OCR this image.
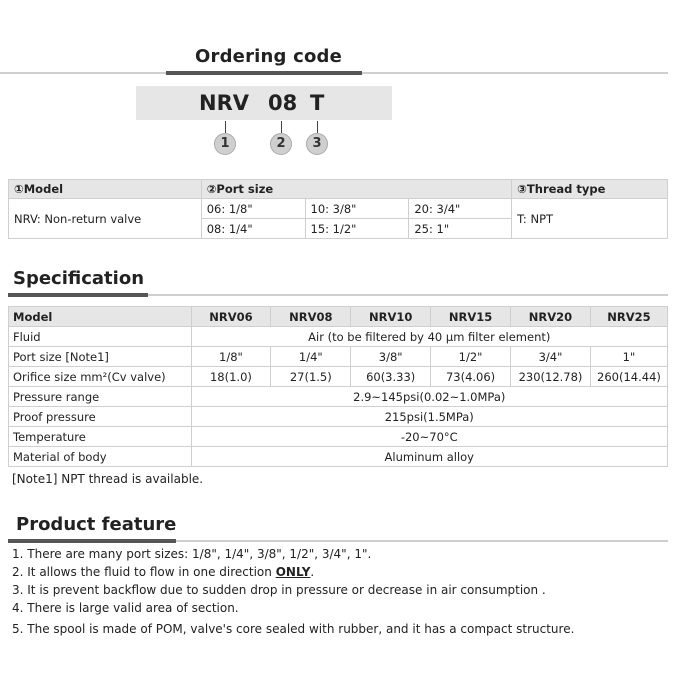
Ordering code
NRV 08 T
1	2	3
①Model	②Port size			③Thread type
NRV: Non-return valve	06: 1/8"	10: 3/8"	20: 3/4"	T: NPT
	08: 1/4"	15: 1/2"	25: 1"	
Specification
Model	NRV06	NRV08	NRV10	NRV15	NRV20	NRV25
Fluid	Air (to be filtered by 40 µm filter element)					
Port size [Note1]	1/8"	1/4"	3/8"	1/2"	3/4"	1"
Orifice size mm²(Cv valve)	18(1.0)	27(1.5)	60(3.33)	73(4.06)	230(12.78)	260(14.44)
Pressure range	2.9~145psi(0.02~1.0MPa)					
Proof pressure	215psi(1.5MPa)					
Temperature	-20~70°C					
Material of body	Aluminum alloy					
[Note1] NPT thread is available.
Product feature
1. There are many port sizes: 1/8", 1/4", 3/8", 1/2", 3/4", 1".
2. It allows the fluid to flow in one direction ONLY.
3. It is prevent backflow due to sudden drop in pressure or decrease in air consumption .
4. There is large valid area of section.
5. The spool is made of POM, valve's core sealed with rubber, and it has a compact structure.
